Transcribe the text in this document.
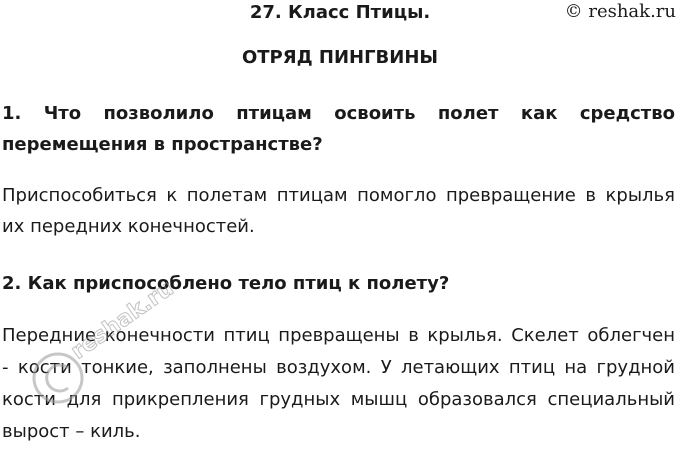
27. Класс Птицы.	© reshak.ru
ОТРЯД ПИНГВИНЫ
1. Что позволило птицам освоить полет как средство
перемещения в пространстве?
Приспособиться к полетам птицам помогло превращение в крылья
их передних конечностей.
2. Как приспособлено тело птиц к полету?
Передние конечности птиц превращены в крылья. Скелет облегчен
- кости тонкие, заполнены воздухом. У летающих птиц на грудной
кости для прикрепления грудных мышц образовался специальный
вырост – киль.
reshak.ru
